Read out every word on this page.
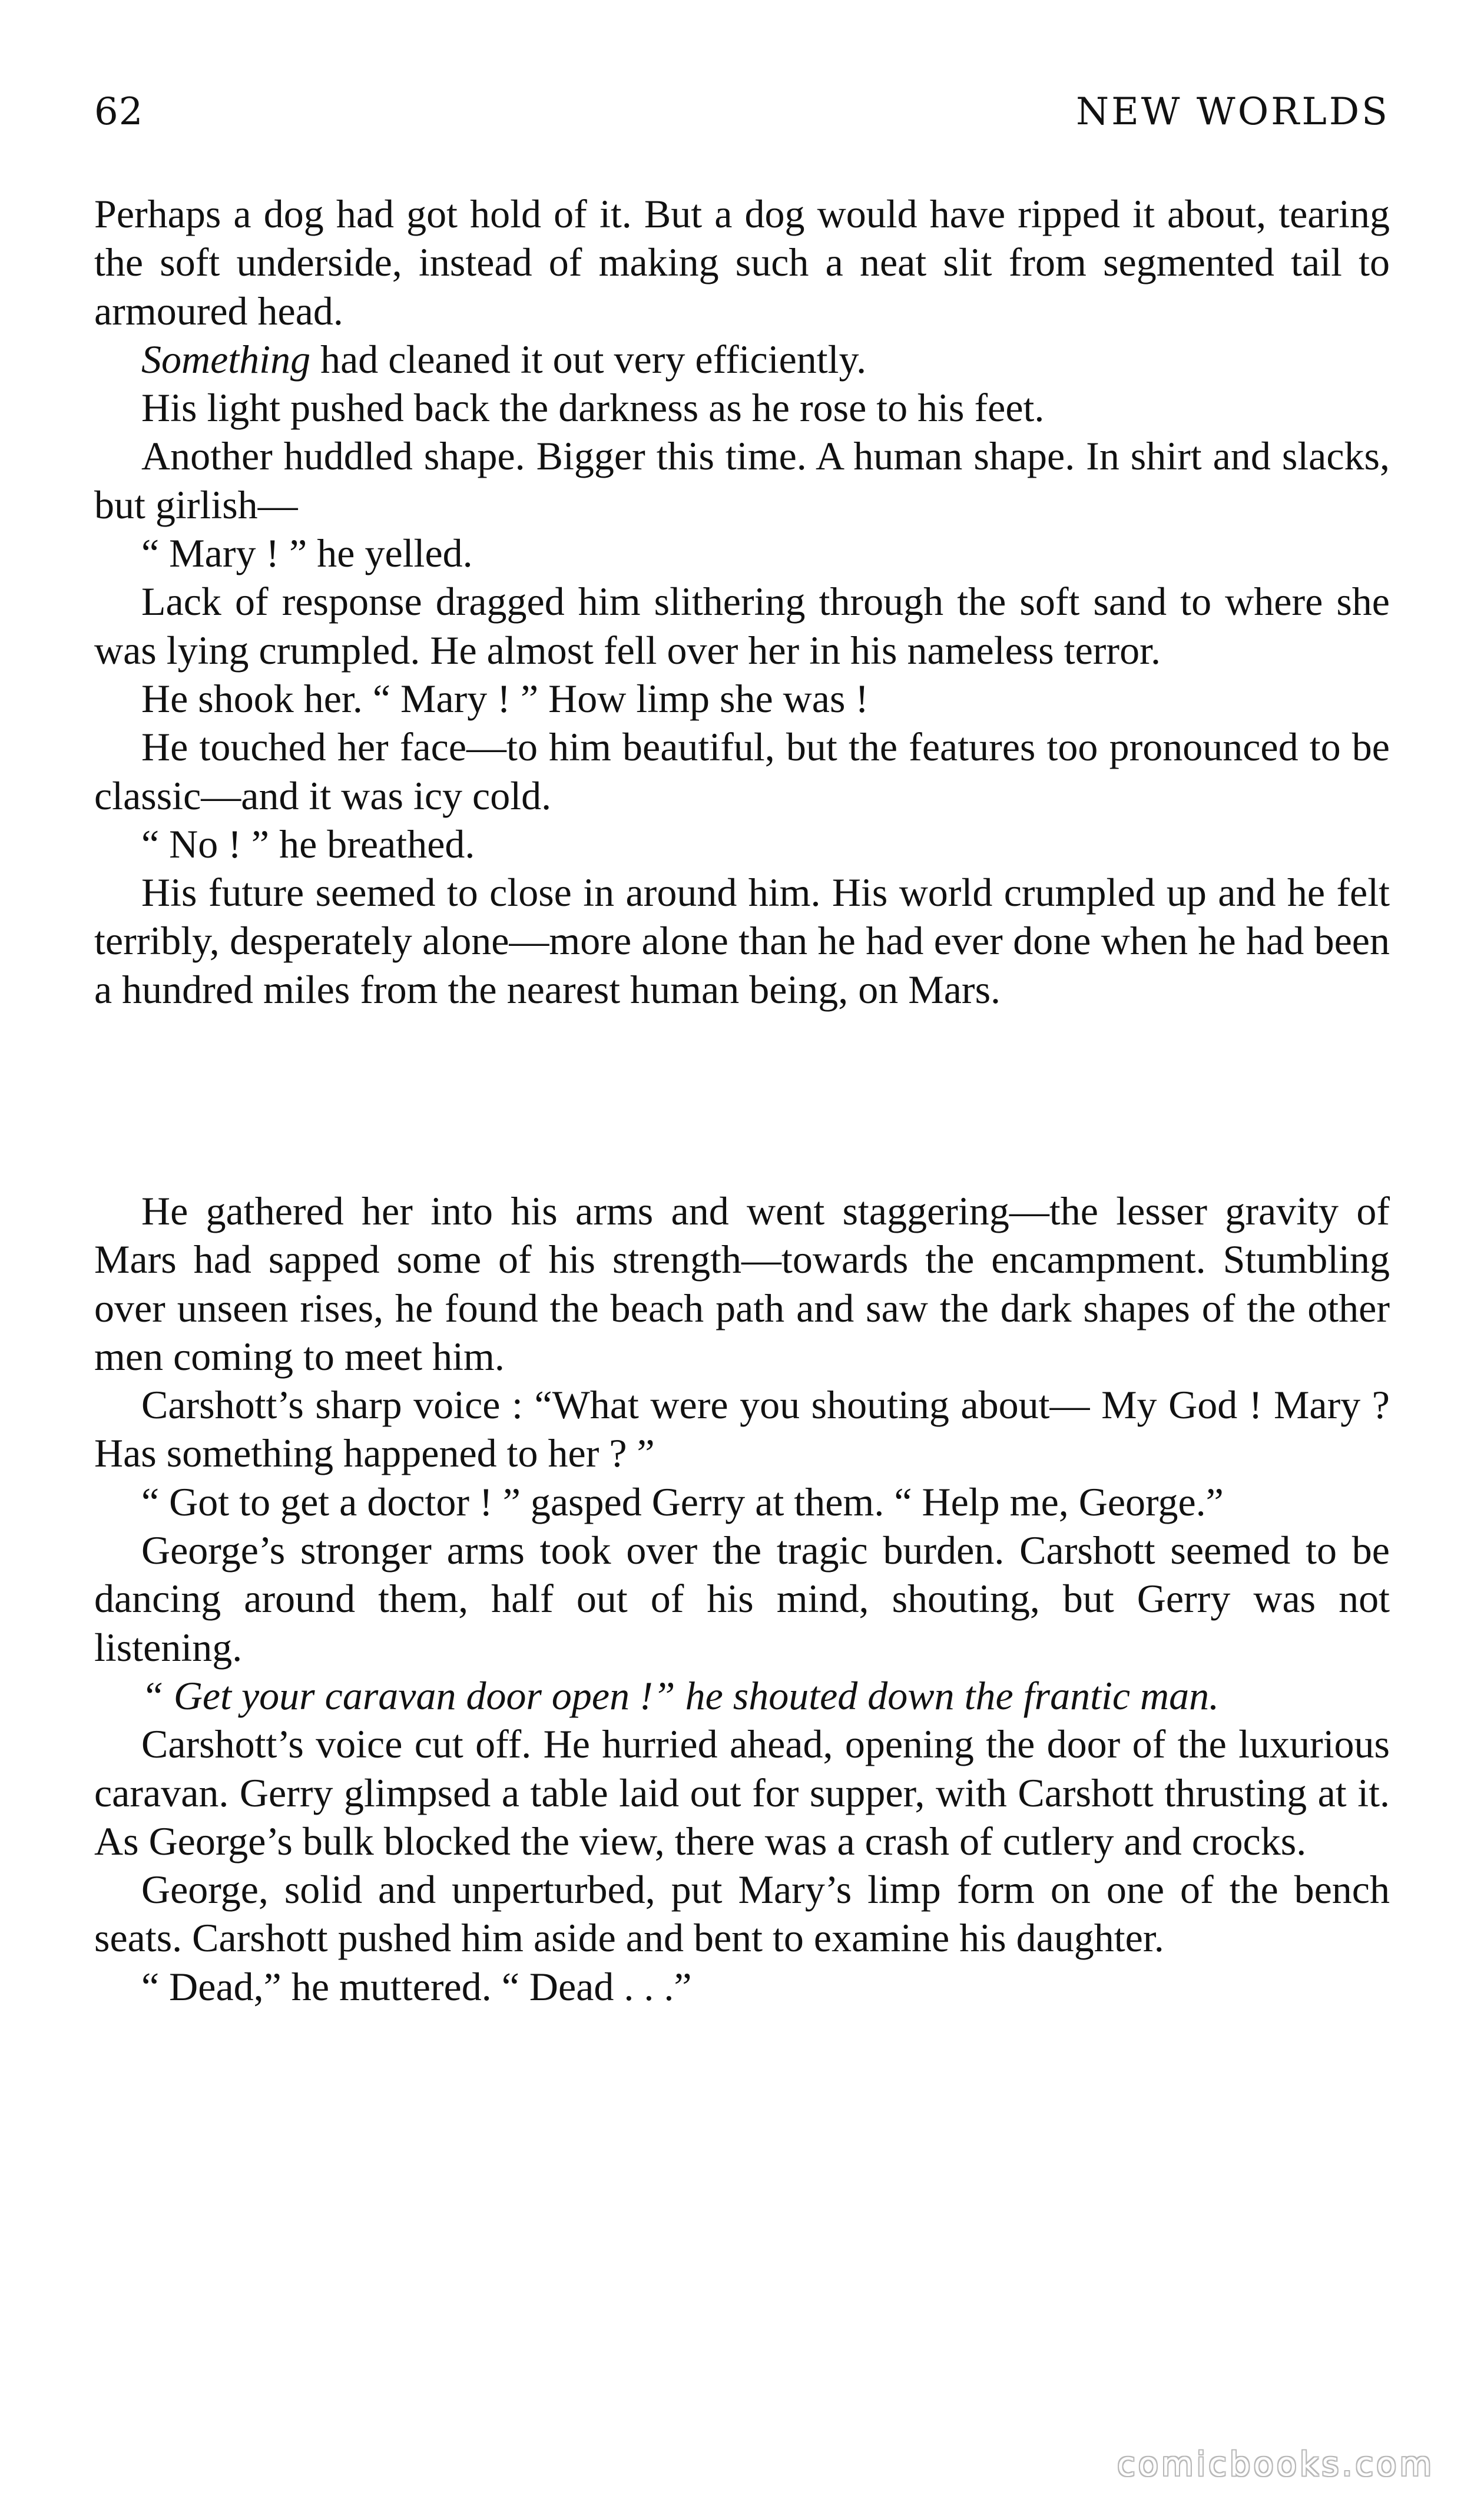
62	NEW WORLDS

Perhaps a dog had got hold of it. But a dog would have ripped it about, tearing the soft underside, instead of making such a neat slit from segmented tail to armoured head.

Something had cleaned it out very efficiently.

His light pushed back the darkness as he rose to his feet.

Another huddled shape. Bigger this time. A human shape. In shirt and slacks, but girlish—

“ Mary ! ” he yelled.

Lack of response dragged him slithering through the soft sand to where she was lying crumpled. He almost fell over her in his nameless terror.

He shook her. “ Mary ! ” How limp she was !

He touched her face—to him beautiful, but the features too pronounced to be classic—and it was icy cold.

“ No ! ” he breathed.

His future seemed to close in around him. His world crumpled up and he felt terribly, desperately alone—more alone than he had ever done when he had been a hundred miles from the nearest human being, on Mars.

He gathered her into his arms and went staggering—the lesser gravity of Mars had sapped some of his strength—towards the encampment. Stumbling over unseen rises, he found the beach path and saw the dark shapes of the other men coming to meet him.

Carshott’s sharp voice : “What were you shouting about— My God ! Mary ? Has something happened to her ? ”

“ Got to get a doctor ! ” gasped Gerry at them. “ Help me, George.”

George’s stronger arms took over the tragic burden. Carshott seemed to be dancing around them, half out of his mind, shouting, but Gerry was not listening.

“ Get your caravan door open !” he shouted down the frantic man.

Carshott’s voice cut off. He hurried ahead, opening the door of the luxurious caravan. Gerry glimpsed a table laid out for supper, with Carshott thrusting at it. As George’s bulk blocked the view, there was a crash of cutlery and crocks.

George, solid and unperturbed, put Mary’s limp form on one of the bench seats. Carshott pushed him aside and bent to examine his daughter.

“ Dead,” he muttered. “ Dead . . .”

comicbooks.com
